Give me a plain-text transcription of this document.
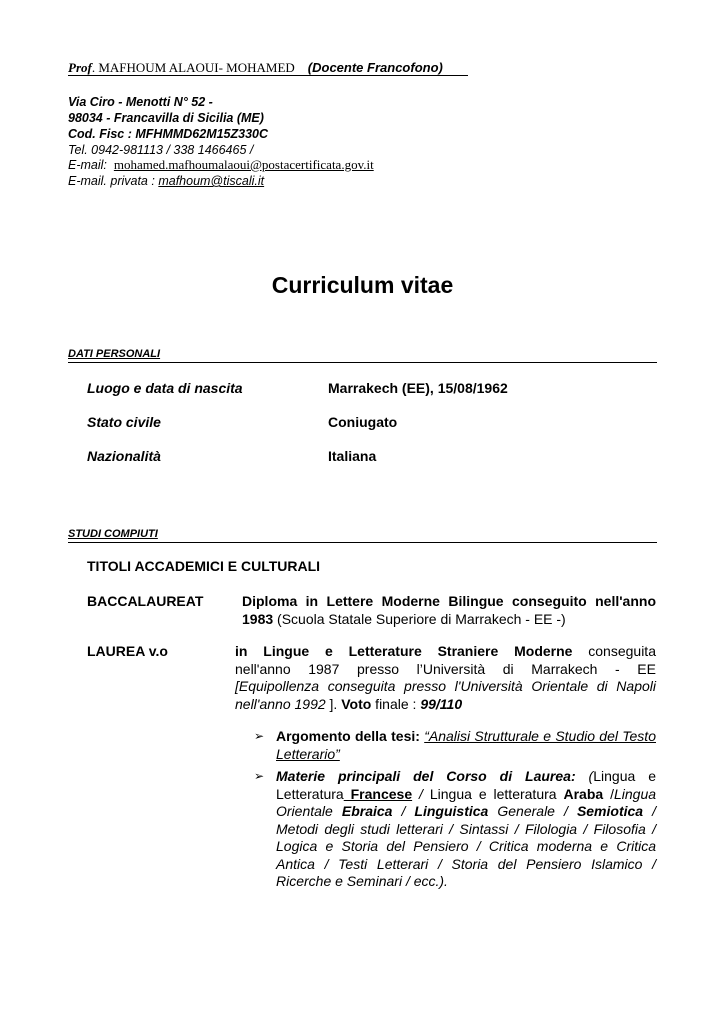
Prof. MAFHOUM ALAOUI- MOHAMED (Docente Francofono)
Via Ciro - Menotti N° 52 -
98034 - Francavilla di Sicilia (ME)
Cod. Fisc : MFHMMD62M15Z330C
Tel. 0942-981113 / 338 1466465 /
E-mail: mohamed.mafhoumalaoui@postacertificata.gov.it
E-mail. privata : mafhoum@tiscali.it
Curriculum vitae
DATI PERSONALI
Luogo e data di nascita	Marrakech (EE), 15/08/1962
Stato civile	Coniugato
Nazionalità	Italiana
STUDI COMPIUTI
TITOLI ACCADEMICI E CULTURALI
BACCALAUREAT	Diploma in Lettere Moderne Bilingue conseguito nell'anno
1983 (Scuola Statale Superiore di Marrakech - EE -)
LAUREA v.o	in Lingue e Letterature Straniere Moderne conseguita
nell'anno 1987 presso l’Università di Marrakech - EE
[Equipollenza conseguita presso l'Università Orientale di Napoli
nell'anno 1992 ]. Voto finale : 99/110
➢ Argomento della tesi: “Analisi Strutturale e Studio del Testo Letterario”
➢ Materie principali del Corso di Laurea: (Lingua e Letteratura Francese / Lingua e letteratura Araba /Lingua Orientale Ebraica / Linguistica Generale / Semiotica / Metodi degli studi letterari / Sintassi / Filologia / Filosofia / Logica e Storia del Pensiero / Critica moderna e Critica Antica / Testi Letterari / Storia del Pensiero Islamico / Ricerche e Seminari / ecc.).
